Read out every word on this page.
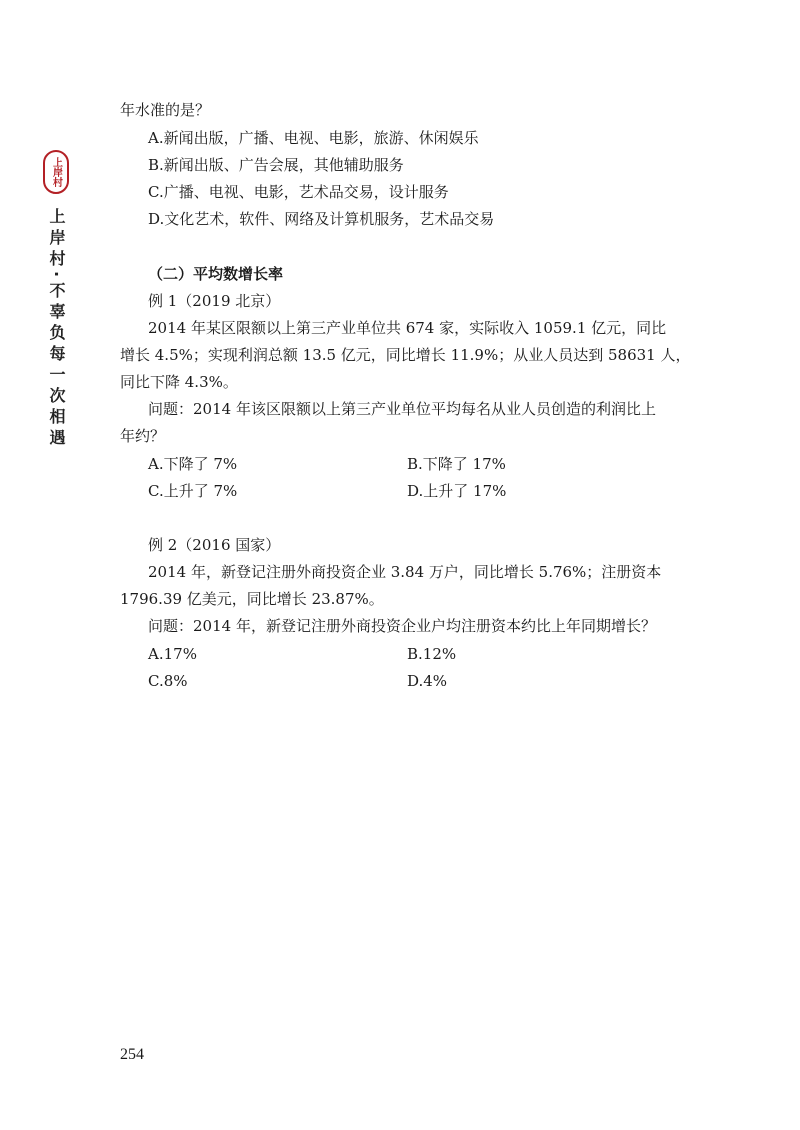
上岸村
上岸村·不辜负每一次相遇
年水准的是？
A.新闻出版，广播、电视、电影，旅游、休闲娱乐
B.新闻出版、广告会展，其他辅助服务
C.广播、电视、电影，艺术品交易，设计服务
D.文化艺术，软件、网络及计算机服务，艺术品交易
（二）平均数增长率
例 1（2019 北京）
2014 年某区限额以上第三产业单位共 674 家，实际收入 1059.1 亿元，同比
增长 4.5%；实现利润总额 13.5 亿元，同比增长 11.9%；从业人员达到 58631 人，
同比下降 4.3%。
问题：2014 年该区限额以上第三产业单位平均每名从业人员创造的利润比上
年约？
A.下降了 7%	B.下降了 17%
C.上升了 7%	D.上升了 17%
例 2（2016 国家）
2014 年，新登记注册外商投资企业 3.84 万户，同比增长 5.76%；注册资本
1796.39 亿美元，同比增长 23.87%。
问题：2014 年，新登记注册外商投资企业户均注册资本约比上年同期增长？
A.17%	B.12%
C.8%	D.4%
254
